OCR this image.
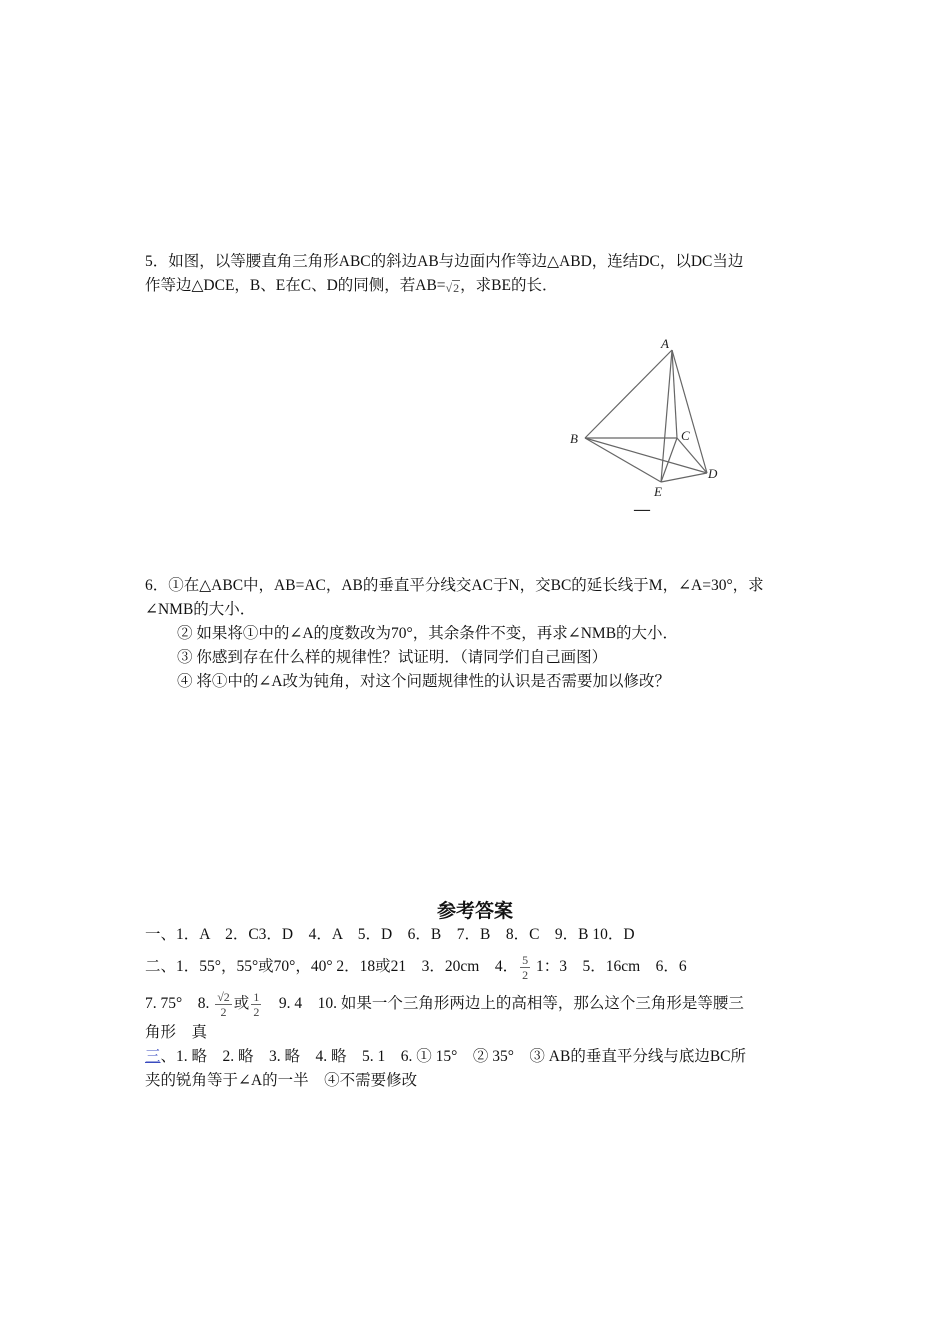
5．如图，以等腰直角三角形ABC的斜边AB与边面内作等边△ABD，连结DC，以DC当边

作等边△DCE，B、E在C、D的同侧，若AB=√2，求BE的长．

A
B	C
D
E
—

6．①在△ABC中，AB=AC，AB的垂直平分线交AC于N，交BC的延长线于M，∠A=30°，求

∠NMB的大小．

② 如果将①中的∠A的度数改为70°，其余条件不变，再求∠NMB的大小．

③ 你感到存在什么样的规律性？试证明．（请同学们自己画图）

④ 将①中的∠A改为钝角，对这个问题规律性的认识是否需要加以修改？

参考答案

一、1．A　2．C3．D　4．A　5．D　6．B　7．B　8．C　9．B 10．D

二、1．55°，55°或70°，40° 2．18或21　3．20cm　4． $\frac{5}{2} 1$：3　5．16cm　6．6

7. 75°　8. $\frac{√2}{2}$ 或 $\frac{1}{2}$ 　9. 4　10. 如果一个三角形两边上的高相等，那么这个三角形是等腰三

角形　真

三、1. 略　2. 略　3. 略　4. 略　5. 1　6. ① 15°　② 35°　③ AB的垂直平分线与底边BC所

夹的锐角等于∠A的一半　④不需要修改
